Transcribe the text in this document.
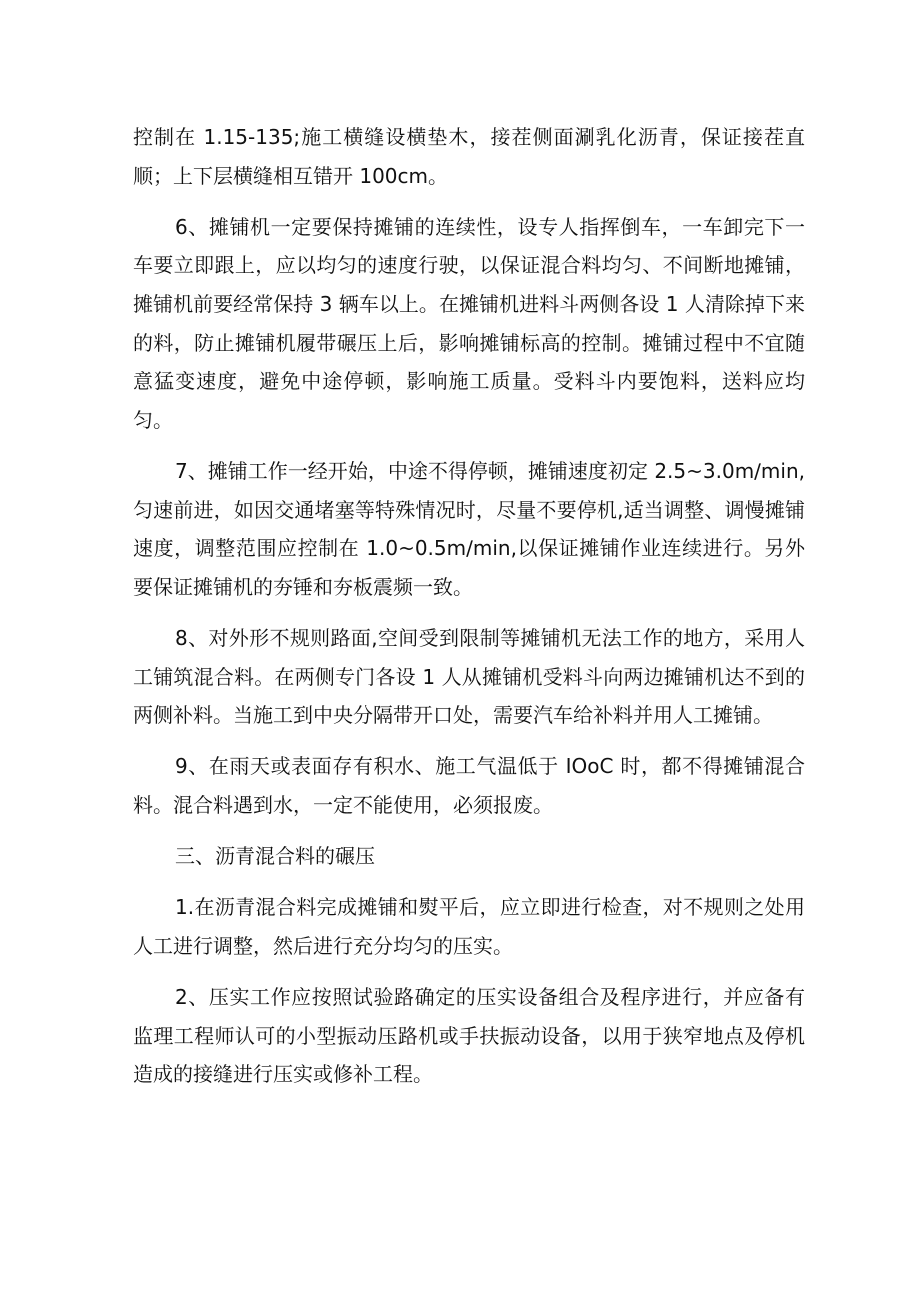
控制在 1.15-135;施工横缝设横垫木，接茬侧面涮乳化沥青，保证接茬直顺；上下层横缝相互错开 100cm。

6、摊铺机一定要保持摊铺的连续性，设专人指挥倒车，一车卸完下一车要立即跟上，应以均匀的速度行驶，以保证混合料均匀、不间断地摊铺，摊铺机前要经常保持 3 辆车以上。在摊铺机进料斗两侧各设 1 人清除掉下来的料，防止摊铺机履带碾压上后，影响摊铺标高的控制。摊铺过程中不宜随意猛变速度，避免中途停顿，影响施工质量。受料斗内要饱料，送料应均匀。

7、摊铺工作一经开始，中途不得停顿，摊铺速度初定 2.5~3.0m∕min,匀速前进，如因交通堵塞等特殊情况时，尽量不要停机,适当调整、调慢摊铺速度，调整范围应控制在 1.0~0.5m∕min,以保证摊铺作业连续进行。另外要保证摊铺机的夯锤和夯板震频一致。

8、对外形不规则路面,空间受到限制等摊铺机无法工作的地方，采用人工铺筑混合料。在两侧专门各设 1 人从摊铺机受料斗向两边摊铺机达不到的两侧补料。当施工到中央分隔带开口处，需要汽车给补料并用人工摊铺。

9、在雨天或表面存有积水、施工气温低于 IOoC 时，都不得摊铺混合料。混合料遇到水，一定不能使用，必须报废。

三、沥青混合料的碾压

1.在沥青混合料完成摊铺和熨平后，应立即进行检查，对不规则之处用人工进行调整，然后进行充分均匀的压实。

2、压实工作应按照试验路确定的压实设备组合及程序进行，并应备有监理工程师认可的小型振动压路机或手扶振动设备，以用于狭窄地点及停机造成的接缝进行压实或修补工程。
